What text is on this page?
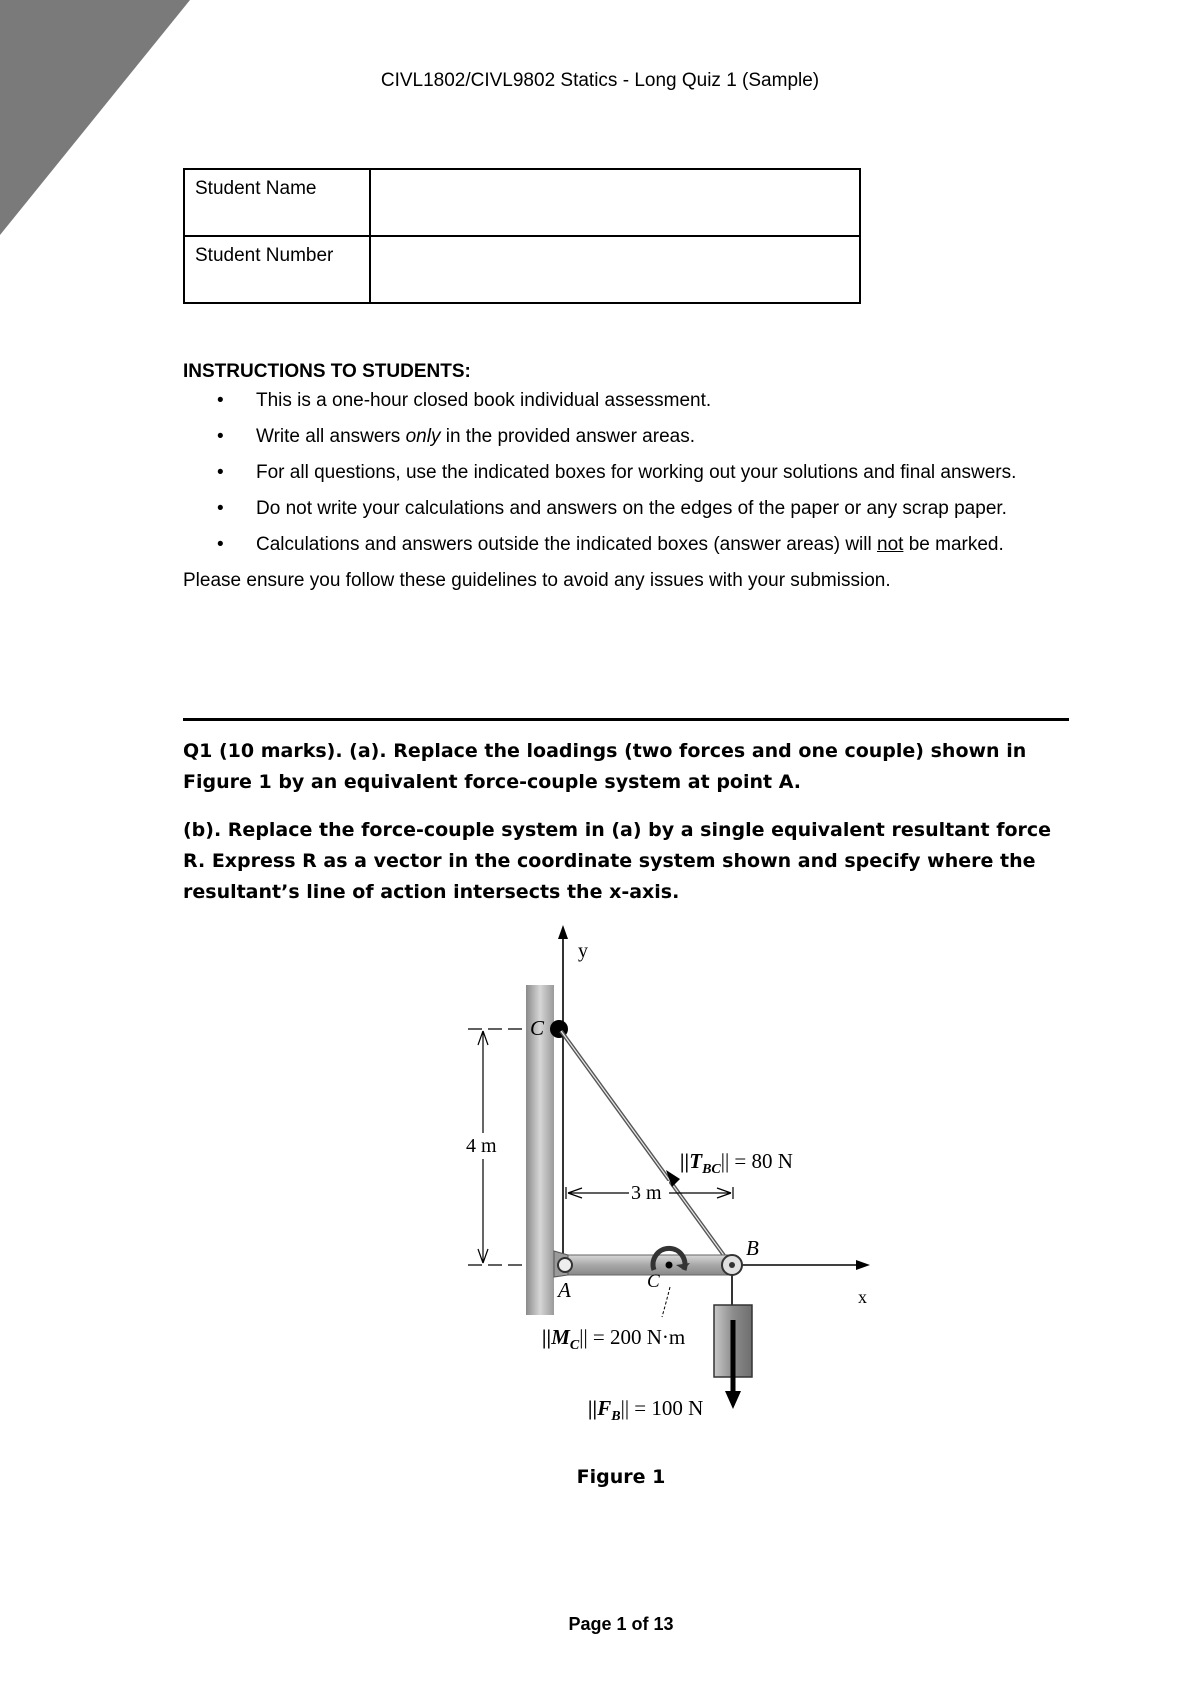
CIVL1802/CIVL9802 Statics - Long Quiz 1 (Sample)
Student Name	
Student Number	
INSTRUCTIONS TO STUDENTS:
• This is a one-hour closed book individual assessment.
• Write all answers only in the provided answer areas.
• For all questions, use the indicated boxes for working out your solutions and final answers.
• Do not write your calculations and answers on the edges of the paper or any scrap paper.
• Calculations and answers outside the indicated boxes (answer areas) will not be marked.
Please ensure you follow these guidelines to avoid any issues with your submission.

Q1 (10 marks). (a). Replace the loadings (two forces and one couple) shown in Figure 1 by an equivalent force-couple system at point A.

(b). Replace the force-couple system in (a) by a single equivalent resultant force R. Express R as a vector in the coordinate system shown and specify where the resultant’s line of action intersects the x-axis.

y
x
4 m
C
$||T_{BC}|| = 80$ N
3 m
A
B
C
$||M_C|| = 200$ N·m
$||F_B|| = 100$ N
Figure 1
Page 1 of 13
